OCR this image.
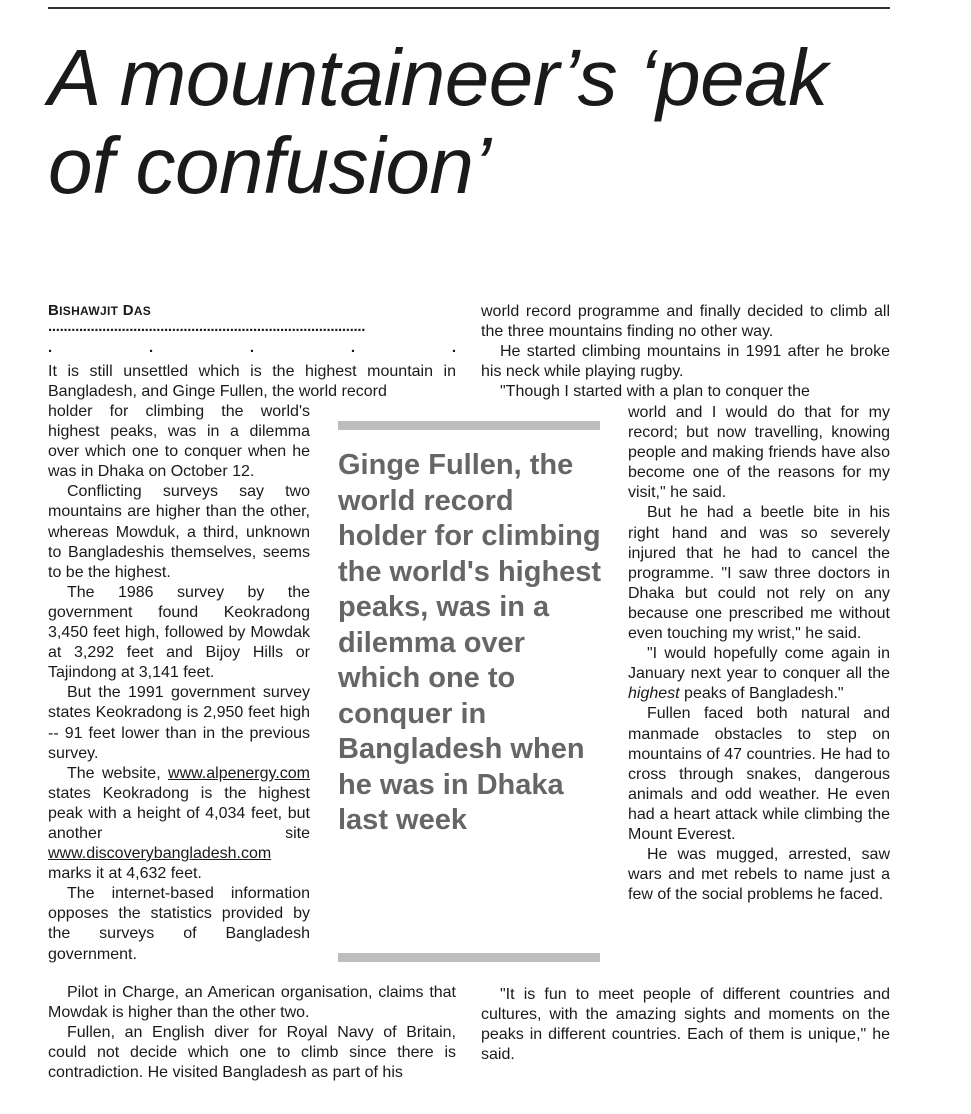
A mountaineer’s ‘peak
of confusion’
BISHAWJIT DAS
..................................................................................
.	.	.	.	.

It is still unsettled which is the highest mountain in Bangladesh, and Ginge Fullen, the world record

holder for climbing the world's highest peaks, was in a dilemma over which one to conquer when he was in Dhaka on October 12.

Conflicting surveys say two mountains are higher than the other, whereas Mowduk, a third, unknown to Bangladeshis themselves, seems to be the highest.

The 1986 survey by the government found Keokradong 3,450 feet high, followed by Mowdak at 3,292 feet and Bijoy Hills or Tajindong at 3,141 feet.

But the 1991 government survey states Keokradong is 2,950 feet high -- 91 feet lower than in the previous survey.

The website, www.alpenergy.com states Keokradong is the highest peak with a height of 4,034 feet, but another site www.discoverybangladesh.com marks it at 4,632 feet.

The internet-based information opposes the statistics provided by the surveys of Bangladesh government.

Pilot in Charge, an American organisation, claims that Mowdak is higher than the other two.

Fullen, an English diver for Royal Navy of Britain, could not decide which one to climb since there is contradiction. He visited Bangladesh as part of his

Ginge Fullen, the world record holder for climbing the world's highest peaks, was in a dilemma over which one to conquer in Bangladesh when he was in Dhaka last week

world record programme and finally decided to climb all the three mountains finding no other way.

He started climbing mountains in 1991 after he broke his neck while playing rugby.

"Though I started with a plan to conquer the

world and I would do that for my record; but now travelling, knowing people and making friends have also become one of the reasons for my visit," he said.

But he had a beetle bite in his right hand and was so severely injured that he had to cancel the programme. "I saw three doctors in Dhaka but could not rely on any because one prescribed me without even touching my wrist," he said.

"I would hopefully come again in January next year to conquer all the highest peaks of Bangladesh."

Fullen faced both natural and manmade obstacles to step on mountains of 47 countries. He had to cross through snakes, dangerous animals and odd weather. He even had a heart attack while climbing the Mount Everest.

He was mugged, arrested, saw wars and met rebels to name just a few of the social problems he faced.

"It is fun to meet people of different countries and cultures, with the amazing sights and moments on the peaks in different countries. Each of them is unique," he said.
